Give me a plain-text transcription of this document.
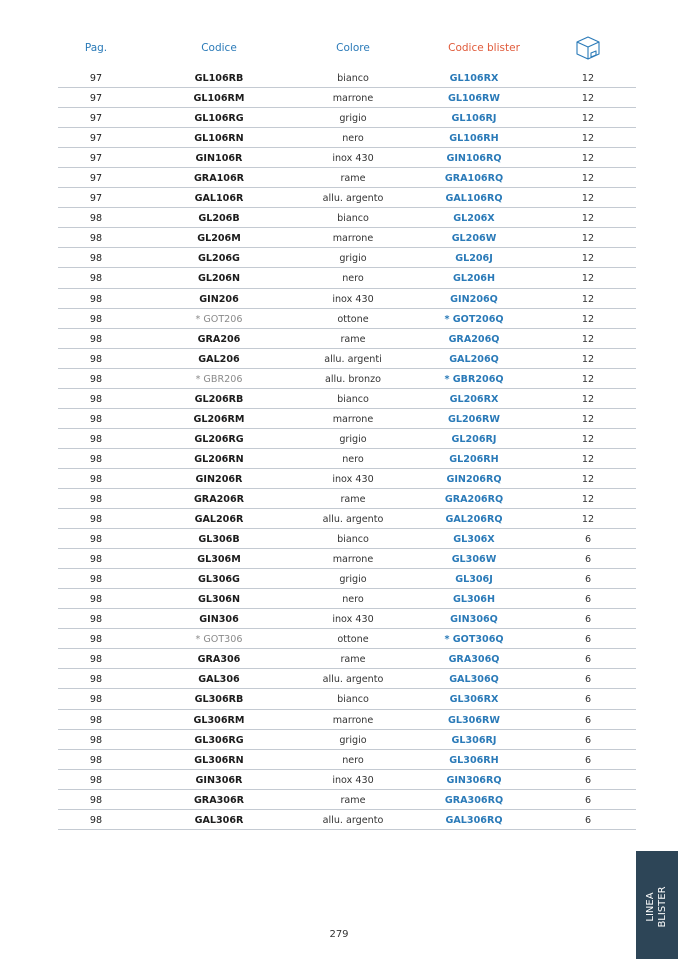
Pag.	Codice	Colore	Codice blister
97	GL106RB	bianco	GL106RX	12
97	GL106RM	marrone	GL106RW	12
97	GL106RG	grigio	GL106RJ	12
97	GL106RN	nero	GL106RH	12
97	GIN106R	inox 430	GIN106RQ	12
97	GRA106R	rame	GRA106RQ	12
97	GAL106R	allu. argento	GAL106RQ	12
98	GL206B	bianco	GL206X	12
98	GL206M	marrone	GL206W	12
98	GL206G	grigio	GL206J	12
98	GL206N	nero	GL206H	12
98	GIN206	inox 430	GIN206Q	12
98	* GOT206	ottone	* GOT206Q	12
98	GRA206	rame	GRA206Q	12
98	GAL206	allu. argenti	GAL206Q	12
98	* GBR206	allu. bronzo	* GBR206Q	12
98	GL206RB	bianco	GL206RX	12
98	GL206RM	marrone	GL206RW	12
98	GL206RG	grigio	GL206RJ	12
98	GL206RN	nero	GL206RH	12
98	GIN206R	inox 430	GIN206RQ	12
98	GRA206R	rame	GRA206RQ	12
98	GAL206R	allu. argento	GAL206RQ	12
98	GL306B	bianco	GL306X	6
98	GL306M	marrone	GL306W	6
98	GL306G	grigio	GL306J	6
98	GL306N	nero	GL306H	6
98	GIN306	inox 430	GIN306Q	6
98	* GOT306	ottone	* GOT306Q	6
98	GRA306	rame	GRA306Q	6
98	GAL306	allu. argento	GAL306Q	6
98	GL306RB	bianco	GL306RX	6
98	GL306RM	marrone	GL306RW	6
98	GL306RG	grigio	GL306RJ	6
98	GL306RN	nero	GL306RH	6
98	GIN306R	inox 430	GIN306RQ	6
98	GRA306R	rame	GRA306RQ	6
98	GAL306R	allu. argento	GAL306RQ	6
279
LINEA BLISTER
